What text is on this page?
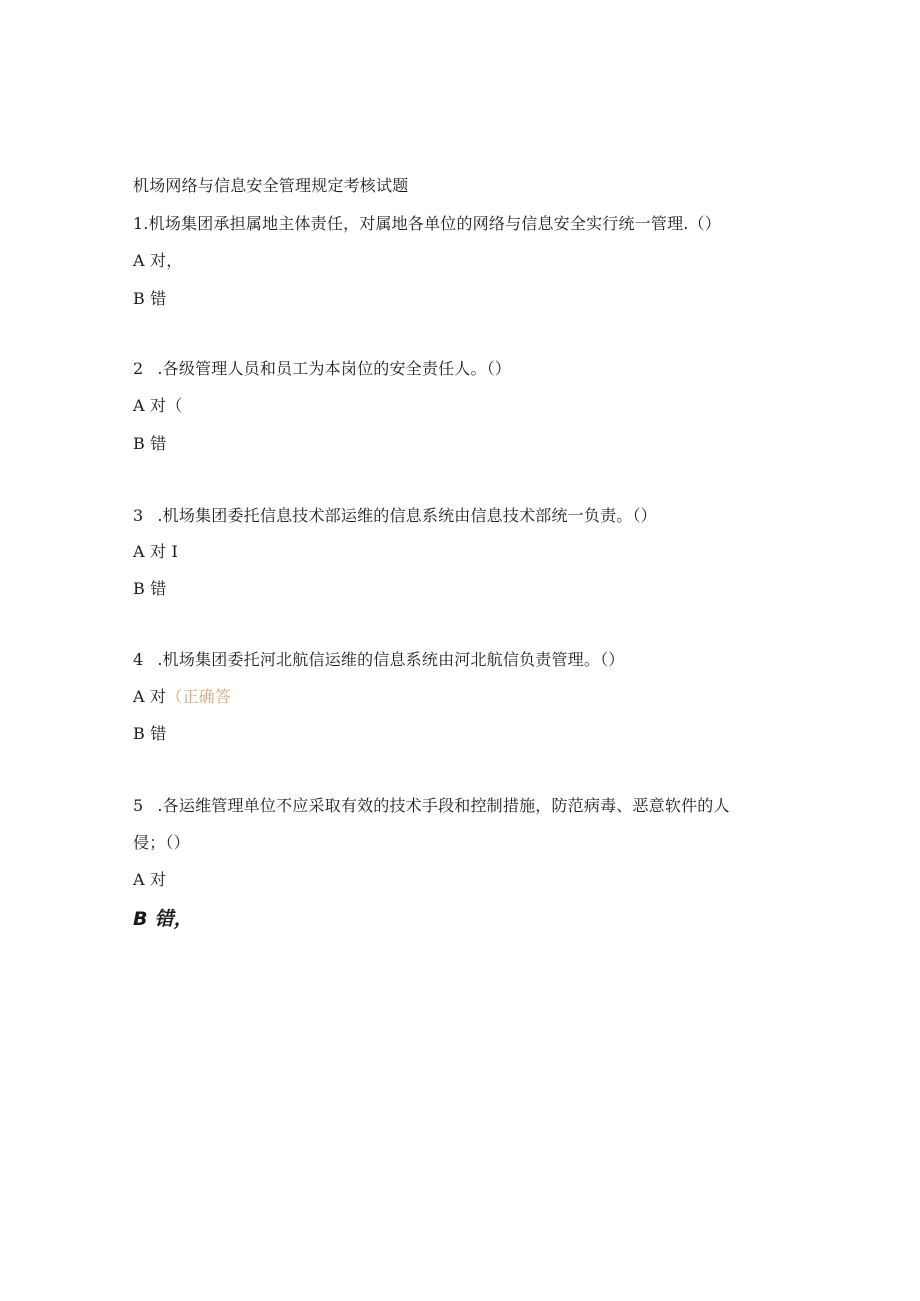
机场网络与信息安全管理规定考核试题
1.机场集团承担属地主体责任，对属地各单位的网络与信息安全实行统一管理.（）
A 对，
B 错
2 .各级管理人员和员工为本岗位的安全责任人。（）
A 对（
B 错
3 .机场集团委托信息技术部运维的信息系统由信息技术部统一负责。（）
A 对 I
B 错
4 .机场集团委托河北航信运维的信息系统由河北航信负责管理。（）
A 对（正确答
B 错
5 .各运维管理单位不应采取有效的技术手段和控制措施，防范病毒、恶意软件的人
侵；（）
A 对
B 错，
